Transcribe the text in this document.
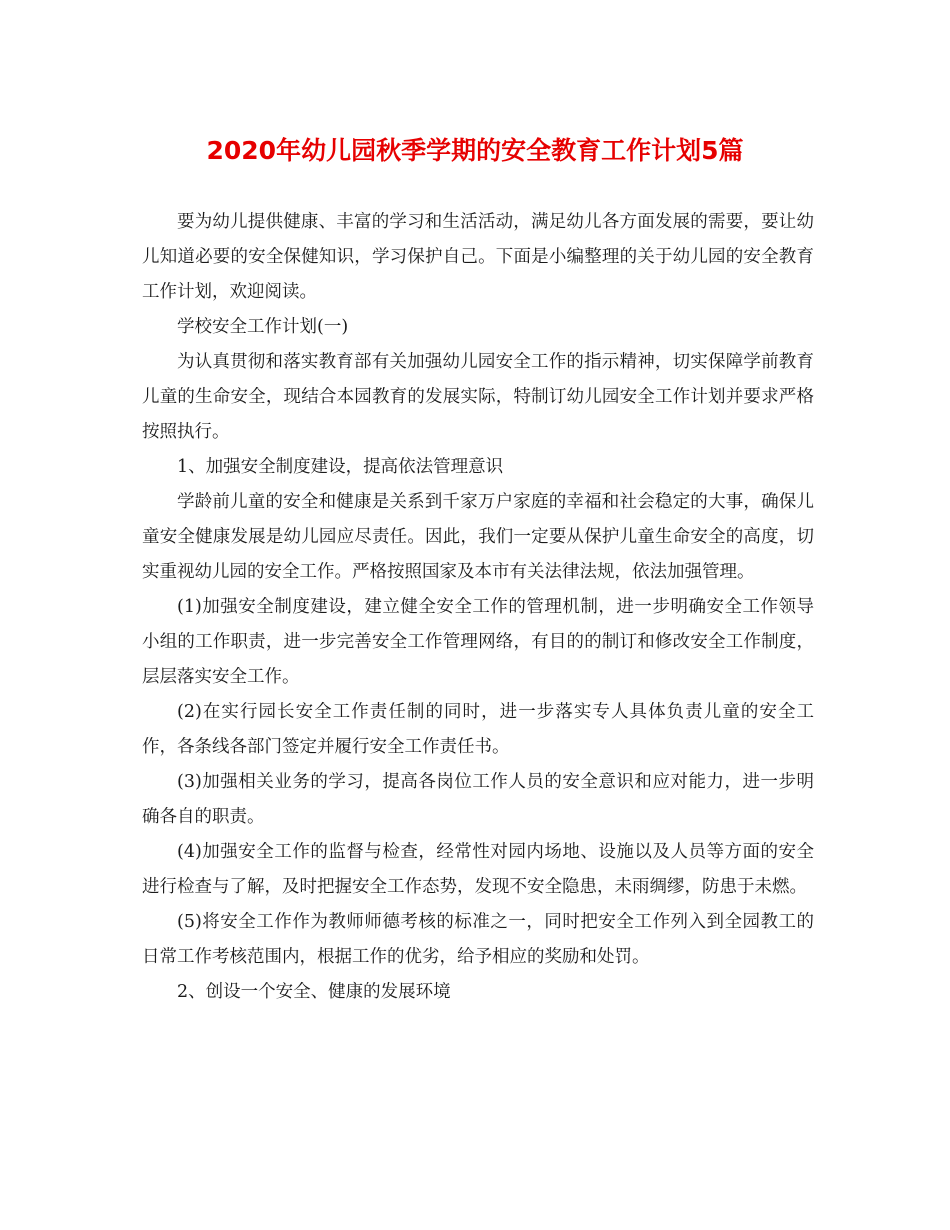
2020年幼儿园秋季学期的安全教育工作计划5篇

要为幼儿提供健康、丰富的学习和生活活动，满足幼儿各方面发展的需要，要让幼儿知道必要的安全保健知识，学习保护自己。下面是小编整理的关于幼儿园的安全教育工作计划，欢迎阅读。

学校安全工作计划(一)

为认真贯彻和落实教育部有关加强幼儿园安全工作的指示精神，切实保障学前教育儿童的生命安全，现结合本园教育的发展实际，特制订幼儿园安全工作计划并要求严格按照执行。

1、加强安全制度建设，提高依法管理意识

学龄前儿童的安全和健康是关系到千家万户家庭的幸福和社会稳定的大事，确保儿童安全健康发展是幼儿园应尽责任。因此，我们一定要从保护儿童生命安全的高度，切实重视幼儿园的安全工作。严格按照国家及本市有关法律法规，依法加强管理。

(1)加强安全制度建设，建立健全安全工作的管理机制，进一步明确安全工作领导小组的工作职责，进一步完善安全工作管理网络，有目的的制订和修改安全工作制度，层层落实安全工作。

(2)在实行园长安全工作责任制的同时，进一步落实专人具体负责儿童的安全工作，各条线各部门签定并履行安全工作责任书。

(3)加强相关业务的学习，提高各岗位工作人员的安全意识和应对能力，进一步明确各自的职责。

(4)加强安全工作的监督与检查，经常性对园内场地、设施以及人员等方面的安全进行检查与了解，及时把握安全工作态势，发现不安全隐患，未雨绸缪，防患于未燃。

(5)将安全工作作为教师师德考核的标准之一，同时把安全工作列入到全园教工的日常工作考核范围内，根据工作的优劣，给予相应的奖励和处罚。

2、创设一个安全、健康的发展环境
